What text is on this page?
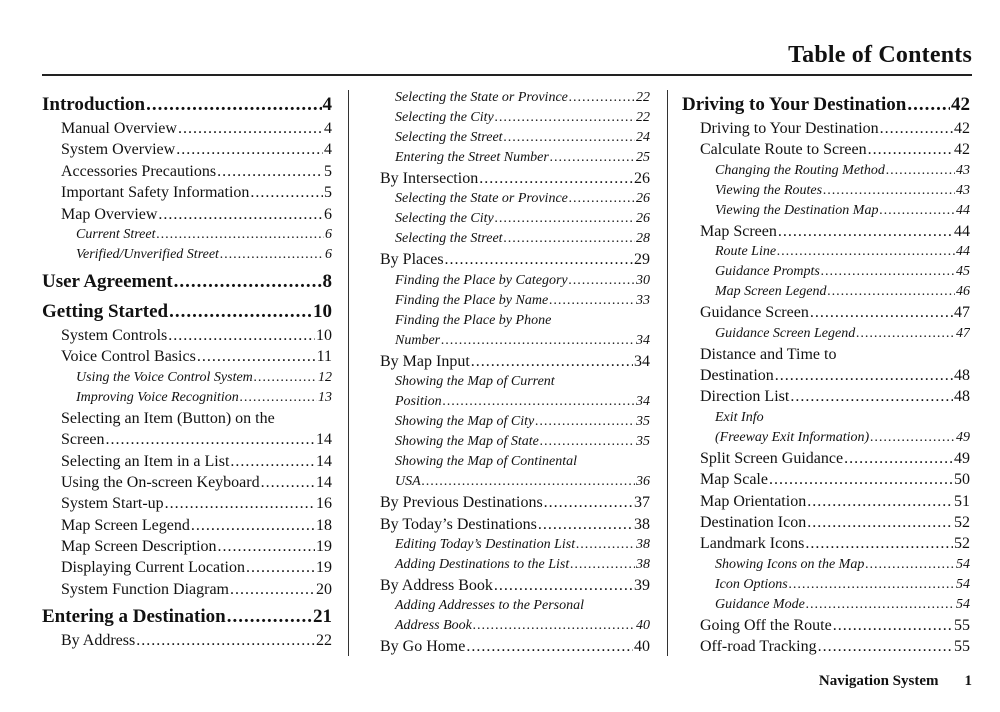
Table of Contents
Introduction .....	4
Manual Overview .....	4
System Overview .....	4
Accessories Precautions .....	5
Important Safety Information .....	5
Map Overview .....	6
Current Street .....	6
Verified/Unverified Street .....	6
User Agreement .....	8
Getting Started .....	10
System Controls .....	10
Voice Control Basics .....	11
Using the Voice Control System .....	12
Improving Voice Recognition .....	13
Selecting an Item (Button) on the
Screen .....	14
Selecting an Item in a List .....	14
Using the On-screen Keyboard .....	14
System Start-up .....	16
Map Screen Legend .....	18
Map Screen Description .....	19
Displaying Current Location .....	19
System Function Diagram .....	20
Entering a Destination .....	21
By Address .....	22
Selecting the State or Province .....	22
Selecting the City .....	22
Selecting the Street .....	24
Entering the Street Number .....	25
By Intersection .....	26
Selecting the State or Province .....	26
Selecting the City .....	26
Selecting the Street .....	28
By Places .....	29
Finding the Place by Category .....	30
Finding the Place by Name .....	33
Finding the Place by Phone
Number .....	34
By Map Input .....	34
Showing the Map of Current
Position .....	34
Showing the Map of City .....	35
Showing the Map of State .....	35
Showing the Map of Continental
USA .....	36
By Previous Destinations .....	37
By Today’s Destinations .....	38
Editing Today’s Destination List .....	38
Adding Destinations to the List .....	38
By Address Book .....	39
Adding Addresses to the Personal
Address Book .....	40
By Go Home .....	40
Driving to Your Destination ..... 42
Driving to Your Destination .....	42
Calculate Route to Screen .....	42
Changing the Routing Method .....	43
Viewing the Routes .....	43
Viewing the Destination Map .....	44
Map Screen .....	44
Route Line .....	44
Guidance Prompts .....	45
Map Screen Legend .....	46
Guidance Screen .....	47
Guidance Screen Legend .....	47
Distance and Time to
Destination .....	48
Direction List .....	48
Exit Info
(Freeway Exit Information) .....	49
Split Screen Guidance .....	49
Map Scale .....	50
Map Orientation .....	51
Destination Icon .....	52
Landmark Icons .....	52
Showing Icons on the Map .....	54
Icon Options .....	54
Guidance Mode .....	54
Going Off the Route .....	55
Off-road Tracking .....	55
Navigation System 1
